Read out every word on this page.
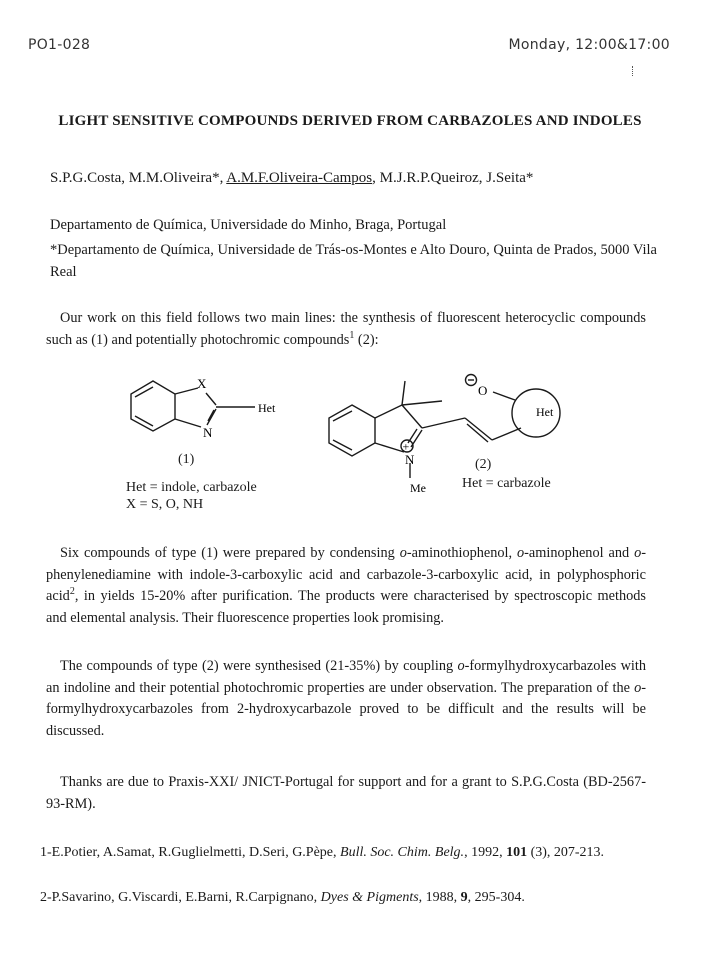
PO1-028	Monday, 12:00&17:00
LIGHT SENSITIVE COMPOUNDS DERIVED FROM CARBAZOLES AND INDOLES
S.P.G.Costa, M.M.Oliveira*, A.M.F.Oliveira-Campos, M.J.R.P.Queiroz, J.Seita*
Departamento de Química, Universidade do Minho, Braga, Portugal
*Departamento de Química, Universidade de Trás-os-Montes e Alto Douro, Quinta de Prados, 5000 Vila Real
Our work on this field follows two main lines: the synthesis of fluorescent heterocyclic compounds such as (1) and potentially photochromic compounds$^1$ (2):
X
N
Het
+
O
N
Me
Het
(1)
Het = indole, carbazole
X = S, O, NH
(2)
Het = carbazole
Six compounds of type (1) were prepared by condensing o-aminothiophenol, o-aminophenol and o-phenylenediamine with indole-3-carboxylic acid and carbazole-3-carboxylic acid, in polyphosphoric acid$^2$, in yields 15-20% after purification. The products were characterised by spectroscopic methods and elemental analysis. Their fluorescence properties look promising.
The compounds of type (2) were synthesised (21-35%) by coupling o-formylhydroxycarbazoles with an indoline and their potential photochromic properties are under observation. The preparation of the o-formylhydroxycarbazoles from 2-hydroxycarbazole proved to be difficult and the results will be discussed.
Thanks are due to Praxis-XXI/ JNICT-Portugal for support and for a grant to S.P.G.Costa (BD-2567-93-RM).
1-E.Potier, A.Samat, R.Guglielmetti, D.Seri, G.Pèpe, Bull. Soc. Chim. Belg., 1992, 101 (3), 207-213.
2-P.Savarino, G.Viscardi, E.Barni, R.Carpignano, Dyes & Pigments, 1988, 9, 295-304.
